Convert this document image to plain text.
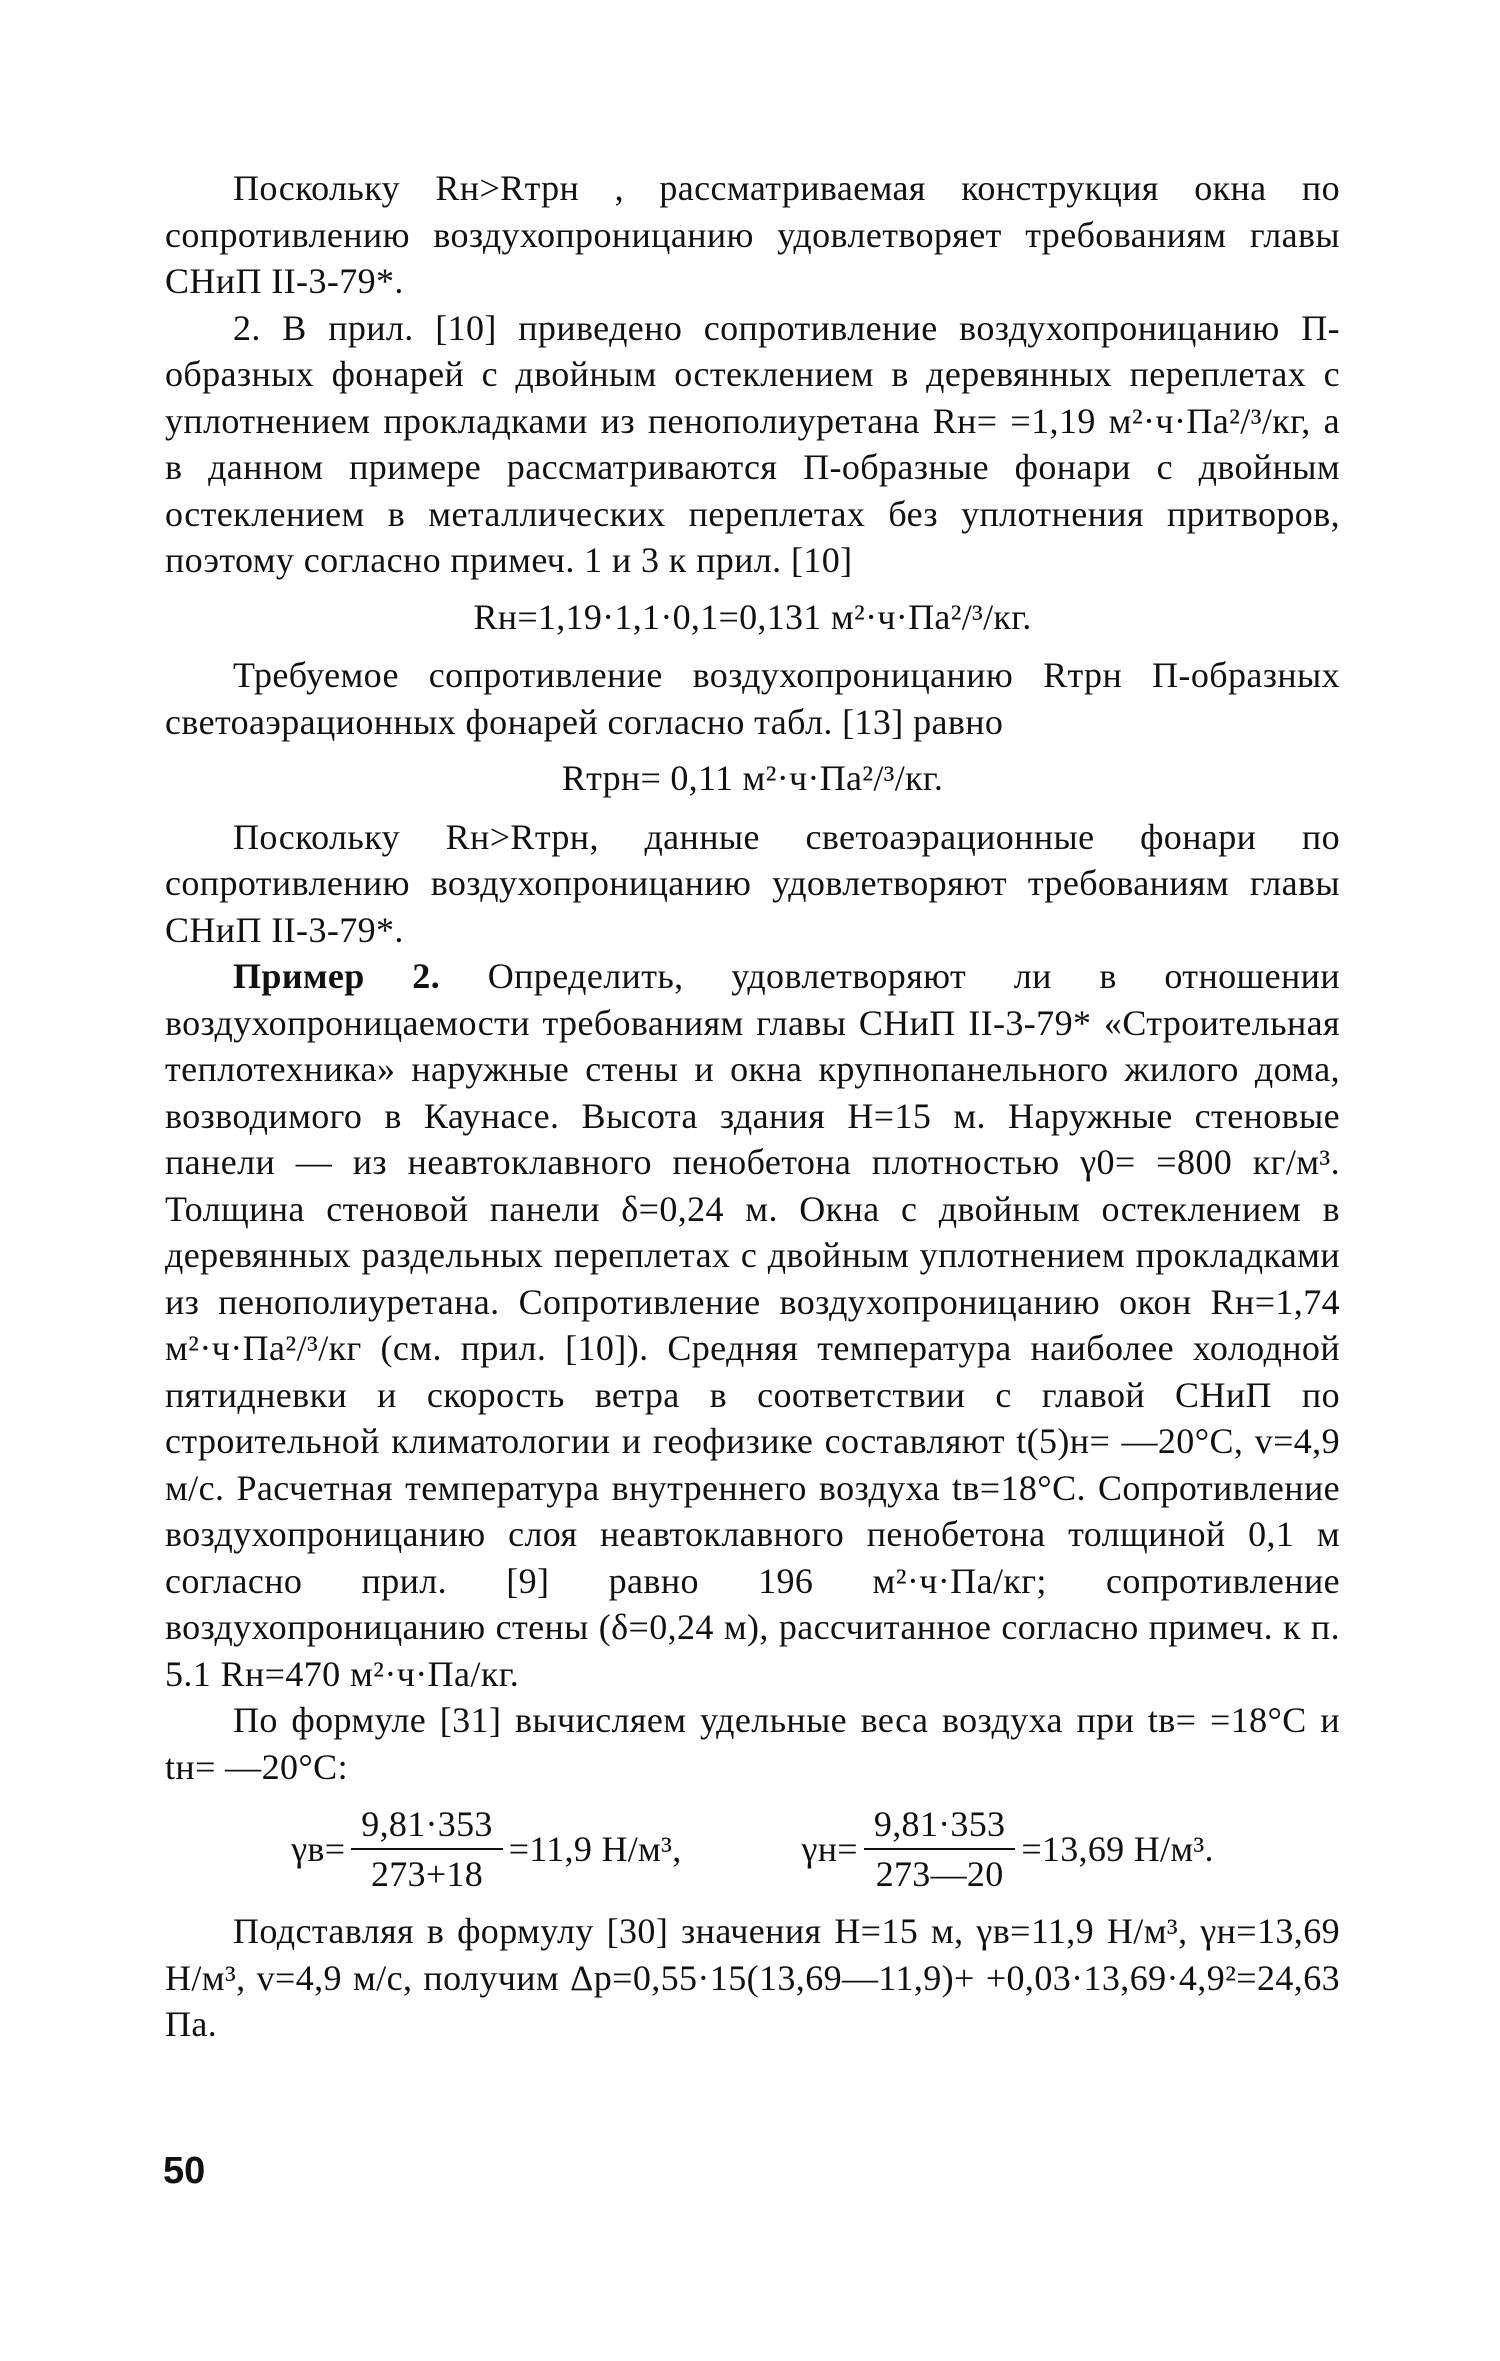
Поскольку Rн>Rтрн , рассматриваемая конструкция окна по сопротивлению воздухопроницанию удовлетворяет требованиям главы СНиП II-3-79*.

2. В прил. [10] приведено сопротивление воздухопроницанию П-образных фонарей с двойным остеклением в деревянных переплетах с уплотнением прокладками из пенополиуретана Rн= =1,19 м²·ч·Па²/³/кг, а в данном примере рассматриваются П-образные фонари с двойным остеклением в металлических переплетах без уплотнения притворов, поэтому согласно примеч. 1 и 3 к прил. [10]

Rн=1,19·1,1·0,1=0,131 м²·ч·Па²/³/кг.

Требуемое сопротивление воздухопроницанию Rтрн П-образных светоаэрационных фонарей согласно табл. [13] равно

Rтрн= 0,11 м²·ч·Па²/³/кг.

Поскольку Rн>Rтрн, данные светоаэрационные фонари по сопротивлению воздухопроницанию удовлетворяют требованиям главы СНиП II-3-79*.

Пример 2. Определить, удовлетворяют ли в отношении воздухопроницаемости требованиям главы СНиП II-3-79* «Строительная теплотехника» наружные стены и окна крупнопанельного жилого дома, возводимого в Каунасе. Высота здания H=15 м. Наружные стеновые панели — из неавтоклавного пенобетона плотностью γ0= =800 кг/м³. Толщина стеновой панели δ=0,24 м. Окна с двойным остеклением в деревянных раздельных переплетах с двойным уплотнением прокладками из пенополиуретана. Сопротивление воздухопроницанию окон Rн=1,74 м²·ч·Па²/³/кг (см. прил. [10]). Средняя температура наиболее холодной пятидневки и скорость ветра в соответствии с главой СНиП по строительной климатологии и геофизике составляют t(5)н= —20°С, v=4,9 м/с. Расчетная температура внутреннего воздуха tв=18°С. Сопротивление воздухопроницанию слоя неавтоклавного пенобетона толщиной 0,1 м согласно прил. [9] равно 196 м²·ч·Па/кг; сопротивление воздухопроницанию стены (δ=0,24 м), рассчитанное согласно примеч. к п. 5.1 Rн=470 м²·ч·Па/кг.

По формуле [31] вычисляем удельные веса воздуха при tв= =18°С и tн= —20°С:

$\gamma в= \frac{9,81\cdot 353}{273+18} =11,9$ Н/м³,	$\gamma н= \frac{9,81\cdot 353}{273—20} =13,69$ Н/м³.

Подставляя в формулу [30] значения H=15 м, γв=11,9 Н/м³, γн=13,69 Н/м³, v=4,9 м/с, получим Δp=0,55·15(13,69—11,9)+ +0,03·13,69·4,9²=24,63 Па.

50
